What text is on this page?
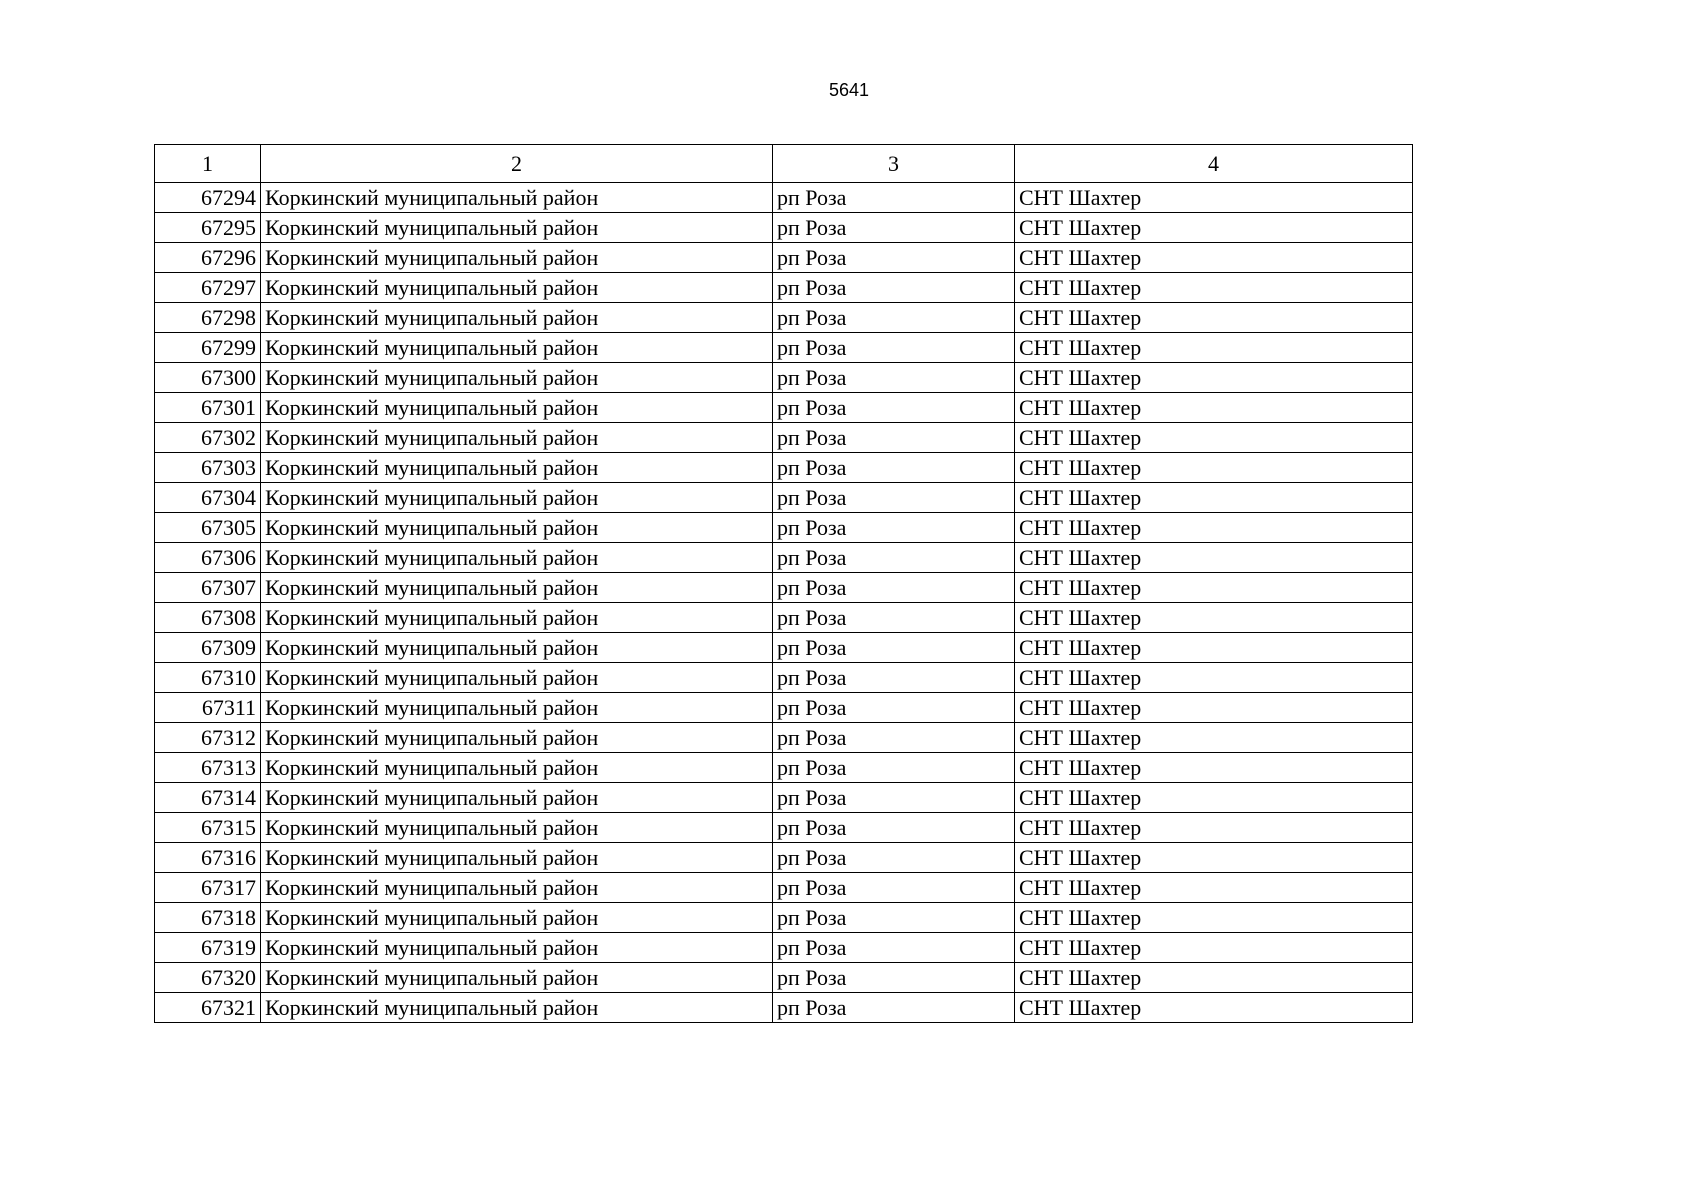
5641
1	2	3	4
67294	Коркинский муниципальный район	рп Роза	СНТ Шахтер
67295	Коркинский муниципальный район	рп Роза	СНТ Шахтер
67296	Коркинский муниципальный район	рп Роза	СНТ Шахтер
67297	Коркинский муниципальный район	рп Роза	СНТ Шахтер
67298	Коркинский муниципальный район	рп Роза	СНТ Шахтер
67299	Коркинский муниципальный район	рп Роза	СНТ Шахтер
67300	Коркинский муниципальный район	рп Роза	СНТ Шахтер
67301	Коркинский муниципальный район	рп Роза	СНТ Шахтер
67302	Коркинский муниципальный район	рп Роза	СНТ Шахтер
67303	Коркинский муниципальный район	рп Роза	СНТ Шахтер
67304	Коркинский муниципальный район	рп Роза	СНТ Шахтер
67305	Коркинский муниципальный район	рп Роза	СНТ Шахтер
67306	Коркинский муниципальный район	рп Роза	СНТ Шахтер
67307	Коркинский муниципальный район	рп Роза	СНТ Шахтер
67308	Коркинский муниципальный район	рп Роза	СНТ Шахтер
67309	Коркинский муниципальный район	рп Роза	СНТ Шахтер
67310	Коркинский муниципальный район	рп Роза	СНТ Шахтер
67311	Коркинский муниципальный район	рп Роза	СНТ Шахтер
67312	Коркинский муниципальный район	рп Роза	СНТ Шахтер
67313	Коркинский муниципальный район	рп Роза	СНТ Шахтер
67314	Коркинский муниципальный район	рп Роза	СНТ Шахтер
67315	Коркинский муниципальный район	рп Роза	СНТ Шахтер
67316	Коркинский муниципальный район	рп Роза	СНТ Шахтер
67317	Коркинский муниципальный район	рп Роза	СНТ Шахтер
67318	Коркинский муниципальный район	рп Роза	СНТ Шахтер
67319	Коркинский муниципальный район	рп Роза	СНТ Шахтер
67320	Коркинский муниципальный район	рп Роза	СНТ Шахтер
67321	Коркинский муниципальный район	рп Роза	СНТ Шахтер
